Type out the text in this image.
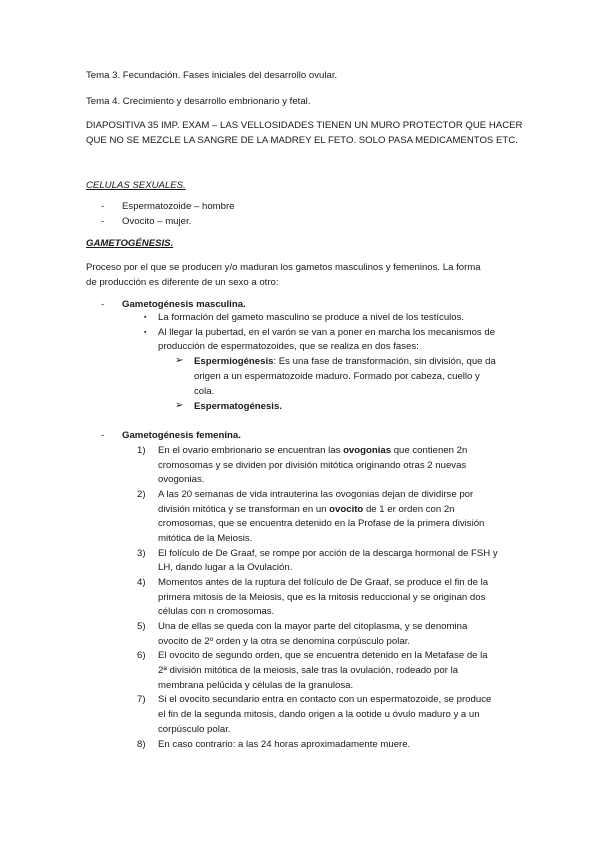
Tema 3. Fecundación. Fases iniciales del desarrollo ovular.
Tema 4. Crecimiento y desarrollo embrionario y fetal.
DIAPOSITIVA 35 IMP. EXAM – LAS VELLOSIDADES TIENEN UN MURO PROTECTOR QUE HACER
QUE NO SE MEZCLE LA SANGRE DE LA MADREY EL FETO. SOLO PASA MEDICAMENTOS ETC.
CELULAS SEXUALES.
- Espermatozoide – hombre
- Ovocito – mujer.
GAMETOGÉNESIS.
Proceso por el que se producen y/o maduran los gametos masculinos y femeninos. La forma
de producción es diferente de un sexo a otro:
- Gametogénesis masculina.
▪ La formación del gameto masculino se produce a nivel de los testículos.
▪ Al llegar la pubertad, en el varón se van a poner en marcha los mecanismos de
producción de espermatozoides, que se realiza en dos fases:
➢ Espermiogénesis: Es una fase de transformación, sin división, que da
origen a un espermatozoide maduro. Formado por cabeza, cuello y
cola.
➢ Espermatogénesis.
- Gametogénesis femenina.
1) En el ovario embrionario se encuentran las ovogonias que contienen 2n
cromosomas y se dividen por división mitótica originando otras 2 nuevas
ovogonias.
2) A las 20 semanas de vida intrauterina las ovogonias dejan de dividirse por
división mitótica y se transforman en un ovocito de 1 er orden con 2n
cromosomas, que se encuentra detenido en la Profase de la primera división
mitótica de la Meiosis.
3) El folículo de De Graaf, se rompe por acción de la descarga hormonal de FSH y
LH, dando lugar a la Ovulación.
4) Momentos antes de la ruptura del folículo de De Graaf, se produce el fin de la
primera mitosis de la Meiosis, que es la mitosis reduccional y se originan dos
células con n cromosomas.
5) Una de ellas se queda con la mayor parte del citoplasma, y se denomina
ovocito de 2º orden y la otra se denomina corpúsculo polar.
6) El ovocito de segundo orden, que se encuentra detenido en la Metafase de la
2ª división mitótica de la meiosis, sale tras la ovulación, rodeado por la
membrana pelúcida y células de la granulosa.
7) Si el ovocito secundario entra en contacto con un espermatozoide, se produce
el fin de la segunda mitosis, dando origen a la ootide u óvulo maduro y a un
corpúsculo polar.
8) En caso contrario: a las 24 horas aproximadamente muere.
